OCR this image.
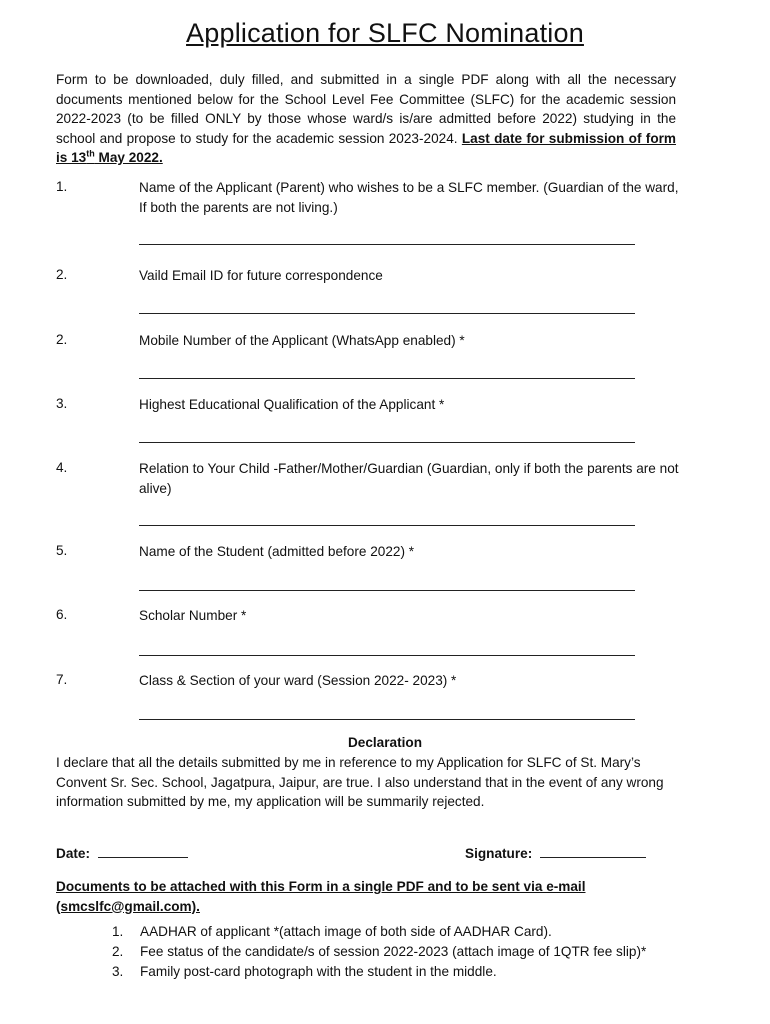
Application for SLFC Nomination
Form to be downloaded, duly filled, and submitted in a single PDF along with all the necessary documents mentioned below for the School Level Fee Committee (SLFC) for the academic session 2022-2023 (to be filled ONLY by those whose ward/s is/are admitted before 2022) studying in the school and propose to study for the academic session 2023-2024. Last date for submission of form is 13th May 2022.
1.	Name of the Applicant (Parent) who wishes to be a SLFC member. (Guardian of the ward, If both the parents are not living.)
2.	Vaild Email ID for future correspondence
2.	Mobile Number of the Applicant (WhatsApp enabled) *
3.	Highest Educational Qualification of the Applicant *
4.	Relation to Your Child -Father/Mother/Guardian (Guardian, only if both the parents are not alive)
5.	Name of the Student (admitted before 2022) *
6.	Scholar Number *
7.	Class & Section of your ward (Session 2022- 2023) *
Declaration
I declare that all the details submitted by me in reference to my Application for SLFC of St. Mary’s Convent Sr. Sec. School, Jagatpura, Jaipur, are true. I also understand that in the event of any wrong information submitted by me, my application will be summarily rejected.
Date:	Signature:
Documents to be attached with this Form in a single PDF and to be sent via e-mail (smcslfc@gmail.com).
1.	AADHAR of applicant *(attach image of both side of AADHAR Card).
2.	Fee status of the candidate/s of session 2022-2023 (attach image of 1QTR fee slip)*
3.	Family post-card photograph with the student in the middle.
